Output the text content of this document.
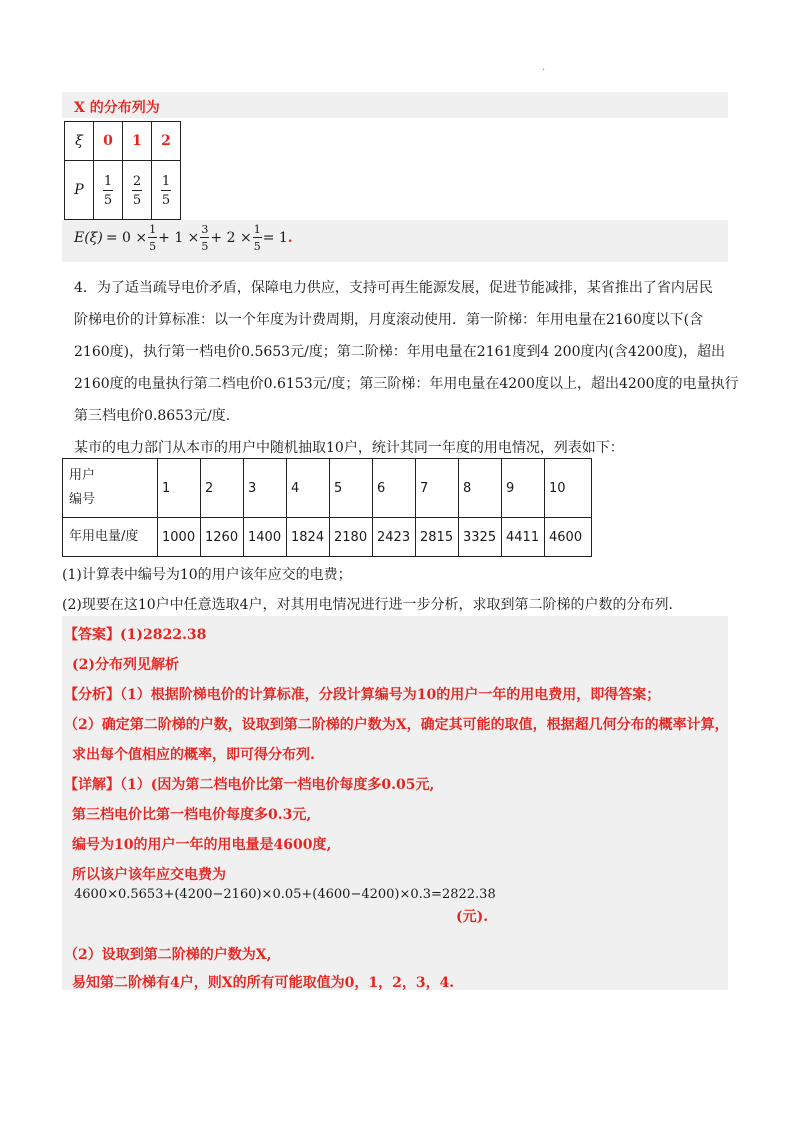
.
X 的分布列为
ξ	0	1	2
P	$\frac{1}{5}$	$\frac{2}{5}$	$\frac{1}{5}$
$E(\xi) = 0 \times \frac{1}{5} + 1 \times \frac{3}{5} + 2 \times \frac{1}{5} = 1$ .
4．为了适当疏导电价矛盾，保障电力供应，支持可再生能源发展，促进节能减排，某省推出了省内居民
阶梯电价的计算标准：以一个年度为计费周期，月度滚动使用．第一阶梯：年用电量在2160度以下(含
2160度)，执行第一档电价0.5653元/度；第二阶梯：年用电量在2161度到4 200度内(含4200度)，超出
2160度的电量执行第二档电价0.6153元/度；第三阶梯：年用电量在4200度以上，超出4200度的电量执行
第三档电价0.8653元/度.
某市的电力部门从本市的用户中随机抽取10户，统计其同一年度的用电情况，列表如下：
用户
编号	1	2	3	4	5	6	7	8	9	10
年用电量/度	1000	1260	1400	1824	2180	2423	2815	3325	4411	4600
(1)计算表中编号为10的用户该年应交的电费；
(2)现要在这10户中任意选取4户，对其用电情况进行进一步分析，求取到第二阶梯的户数的分布列.
【答案】(1)2822.38
(2)分布列见解析
【分析】（1）根据阶梯电价的计算标准，分段计算编号为10的用户一年的用电费用，即得答案；
（2）确定第二阶梯的户数，设取到第二阶梯的户数为X，确定其可能的取值，根据超几何分布的概率计算，
求出每个值相应的概率，即可得分布列.
【详解】（1）(因为第二档电价比第一档电价每度多0.05元,
第三档电价比第一档电价每度多0.3元,
编号为10的用户一年的用电量是4600度,
所以该户该年应交电费为
4600×0.5653+(4200−2160)×0.05+(4600−4200)×0.3=2822.38
(元).
（2）设取到第二阶梯的户数为X,
易知第二阶梯有4户，则X的所有可能取值为0，1，2，3，4.
